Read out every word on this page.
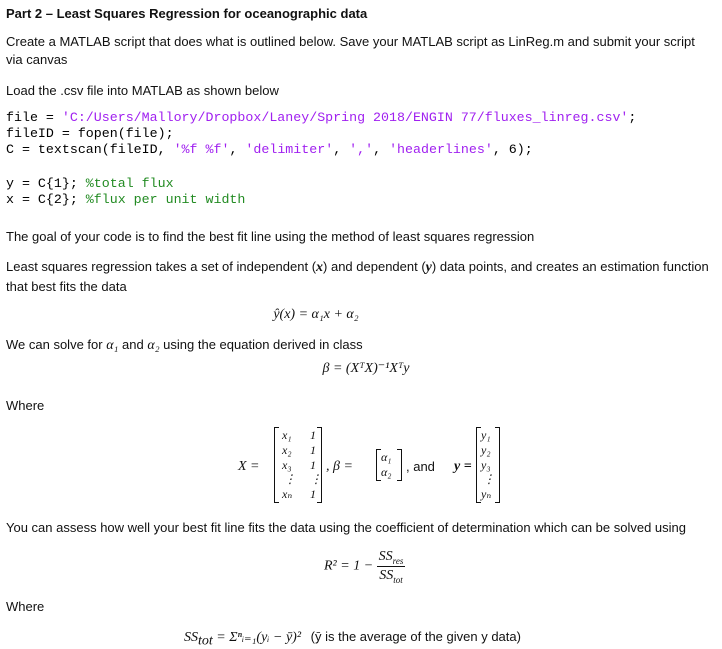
Part 2 – Least Squares Regression for oceanographic data

Create a MATLAB script that does what is outlined below. Save your MATLAB script as LinReg.m and submit your script via canvas

Load the .csv file into MATLAB as shown below

file = 'C:/Users/Mallory/Dropbox/Laney/Spring 2018/ENGIN 77/fluxes_linreg.csv';
fileID = fopen(file);
C = textscan(fileID, '%f %f', 'delimiter', ',', 'headerlines', 6);
y = C{1}; %total flux
x = C{2}; %flux per unit width

The goal of your code is to find the best fit line using the method of least squares regression

Least squares regression takes a set of independent (x) and dependent (y) data points, and creates an estimation function that best fits the data

ŷ(x) = α₁x + α₂

We can solve for α₁ and α₂ using the equation derived in class

β = (XᵀX)⁻¹Xᵀy

Where

X =
x₁
x₂
x₃
⋮
xₙ
1
1
1
⋮
1
, β =
α₁
α₂ , and y =
y₁
y₂
y₃
⋮
yₙ

You can assess how well your best fit line fits the data using the coefficient of determination which can be solved using

$R^2 = 1 - \frac{SS_{res}}{SS_{tot}}$

Where

$SS_{tot}$ = Σⁿᵢ₌₁(yᵢ − ȳ)² (ȳ is the average of the given y data)
